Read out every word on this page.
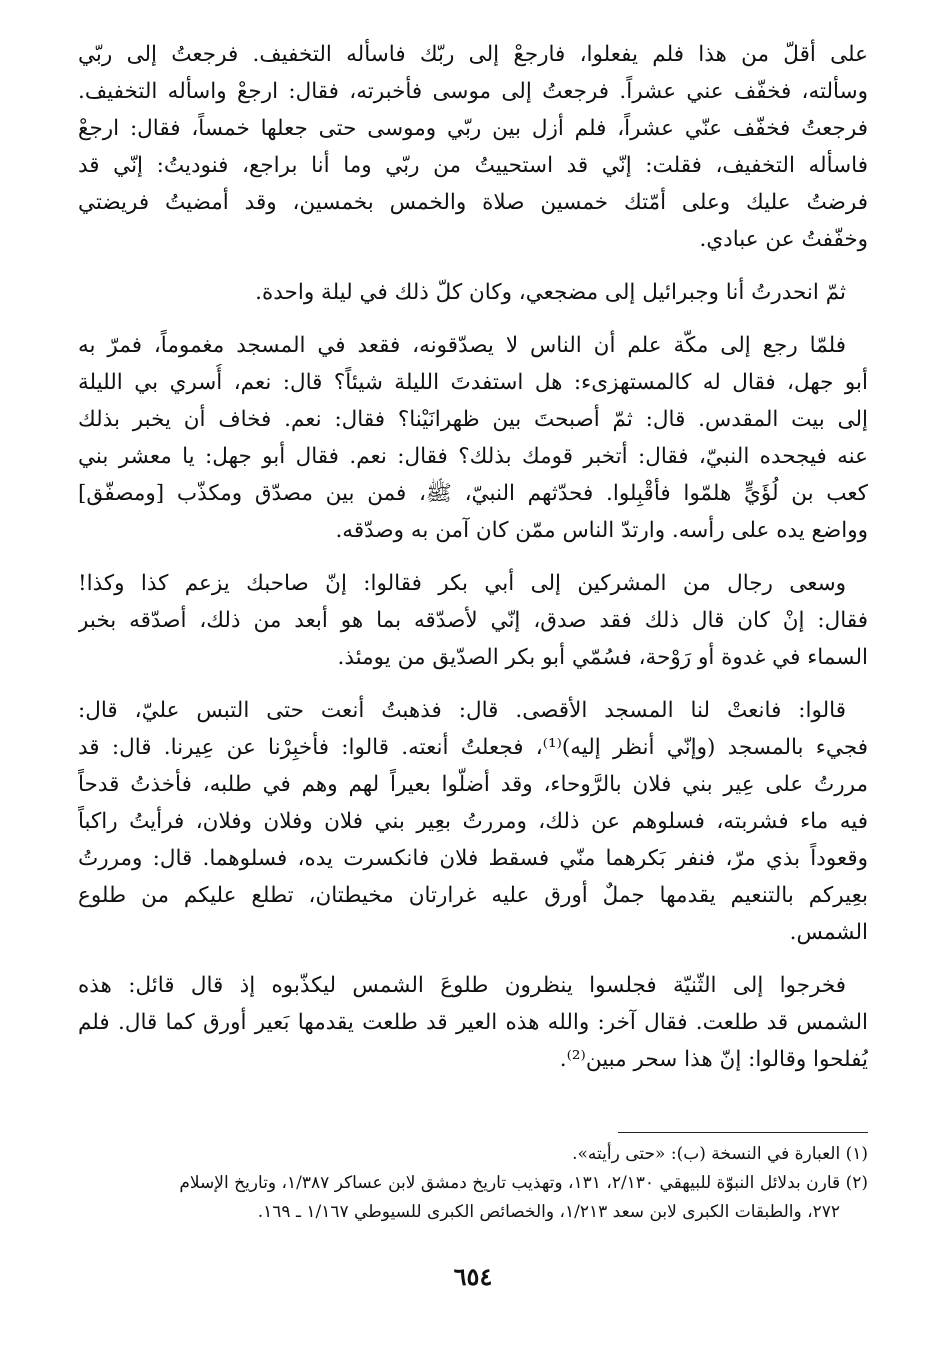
على أقلّ من هذا فلم يفعلوا، فارجعْ إلى ربّك فاسأله التخفيف. فرجعتُ إلى ربّي
وسألته، فخفّف عني عشراً. فرجعتُ إلى موسى فأخبرته، فقال: ارجعْ واسأله التخفيف.
فرجعتُ فخفّف عنّي عشراً، فلم أزل بين ربّي وموسى حتى جعلها خمساً، فقال: ارجعْ
فاسأله التخفيف، فقلت: إنّي قد استحييتُ من ربّي وما أنا براجع، فنوديتُ: إنّي قد
فرضتُ عليك وعلى أمّتك خمسين صلاة والخمس بخمسين، وقد أمضيتُ فريضتي
وخفّفتُ عن عبادي.
ثمّ انحدرتُ أنا وجبرائيل إلى مضجعي، وكان كلّ ذلك في ليلة واحدة.
فلمّا رجع إلى مكّة علم أن الناس لا يصدّقونه، فقعد في المسجد مغموماً، فمرّ به
أبو جهل، فقال له كالمستهزىء: هل استفدتَ الليلة شيئاً؟ قال: نعم، أُسري بي الليلة
إلى بيت المقدس. قال: ثمّ أصبحتَ بين ظهرانَيْنا؟ فقال: نعم. فخاف أن يخبر بذلك
عنه فيجحده النبيّ، فقال: أتخبر قومك بذلك؟ فقال: نعم. فقال أبو جهل: يا معشر بني
كعب بن لُؤَيٍّ هلمّوا فأقْبِلوا. فحدّثهم النبيّ، ﷺ، فمن بين مصدّق ومكذّب [ومصفّق]
وواضع يده على رأسه. وارتدّ الناس ممّن كان آمن به وصدّقه.
وسعى رجال من المشركين إلى أبي بكر فقالوا: إنّ صاحبك يزعم كذا وكذا!
فقال: إنْ كان قال ذلك فقد صدق، إنّي لأصدّقه بما هو أبعد من ذلك، أصدّقه بخبر
السماء في غدوة أو رَوْحة، فسُمّي أبو بكر الصدّيق من يومئذ.
قالوا: فانعتْ لنا المسجد الأقصى. قال: فذهبتُ أنعت حتى التبس عليّ، قال:
فجيء بالمسجد (وإنّي أنظر إليه)⁽¹⁾، فجعلتُ أنعته. قالوا: فأخبِرْنا عن عِيرنا. قال: قد
مررتُ على عِير بني فلان بالرَّوحاء، وقد أضلّوا بعيراً لهم وهم في طلبه، فأخذتُ قدحاً
فيه ماء فشربته، فسلوهم عن ذلك، ومررتُ بعِير بني فلان وفلان وفلان، فرأيتُ راكباً
وقعوداً بذي مرّ، فنفر بَكرهما منّي فسقط فلان فانكسرت يده، فسلوهما. قال: ومررتُ
بعِيركم بالتنعيم يقدمها جملٌ أورق عليه غرارتان مخيطتان، تطلع عليكم من طلوع
الشمس.
فخرجوا إلى الثّنيّة فجلسوا ينظرون طلوعَ الشمس ليكذّبوه إذ قال قائل: هذه
الشمس قد طلعت. فقال آخر: والله هذه العير قد طلعت يقدمها بَعير أورق كما قال. فلم
يُفلحوا وقالوا: إنّ هذا سحر مبين⁽²⁾.
(١) العبارة في النسخة (ب): «حتى رأيته».
(٢) قارن بدلائل النبوّة للبيهقي ٢/١٣٠، ١٣١، وتهذيب تاريخ دمشق لابن عساكر ١/٣٨٧، وتاريخ الإسلام
٢٧٢، والطبقات الكبرى لابن سعد ١/٢١٣، والخصائص الكبرى للسيوطي ١/١٦٧ ـ ١٦٩.
٦٥٤
